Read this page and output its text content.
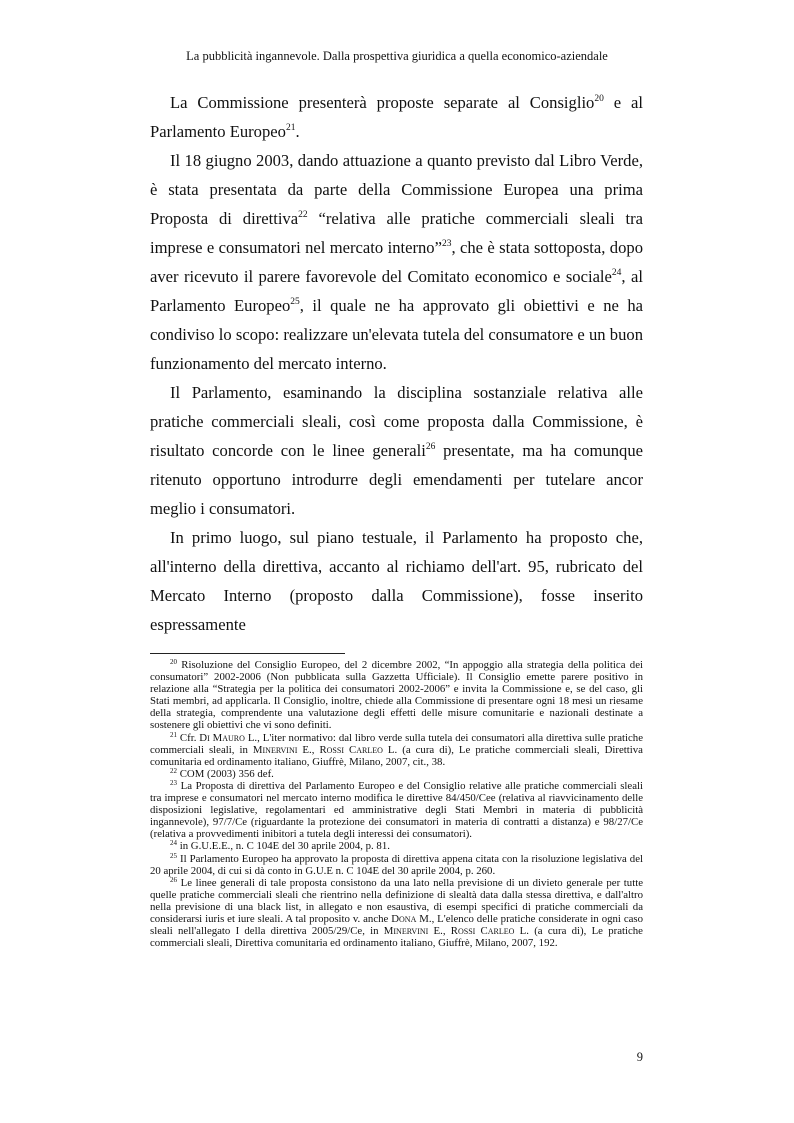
La pubblicità ingannevole. Dalla prospettiva giuridica a quella economico-aziendale

La Commissione presenterà proposte separate al Consiglio$^{20}$ e al Parlamento Europeo$^{21}$.

Il 18 giugno 2003, dando attuazione a quanto previsto dal Libro Verde, è stata presentata da parte della Commissione Europea una prima Proposta di direttiva$^{22}$ “relativa alle pratiche commerciali sleali tra imprese e consumatori nel mercato interno”$^{23}$, che è stata sottoposta, dopo aver ricevuto il parere favorevole del Comitato economico e sociale$^{24}$, al Parlamento Europeo$^{25}$, il quale ne ha approvato gli obiettivi e ne ha condiviso lo scopo: realizzare un'elevata tutela del consumatore e un buon funzionamento del mercato interno.

Il Parlamento, esaminando la disciplina sostanziale relativa alle pratiche commerciali sleali, così come proposta dalla Commissione, è risultato concorde con le linee generali$^{26}$ presentate, ma ha comunque ritenuto opportuno introdurre degli emendamenti per tutelare ancor meglio i consumatori.

In primo luogo, sul piano testuale, il Parlamento ha proposto che, all'interno della direttiva, accanto al richiamo dell'art. 95, rubricato del Mercato Interno (proposto dalla Commissione), fosse inserito espressamente

$^{20}$ Risoluzione del Consiglio Europeo, del 2 dicembre 2002, “In appoggio alla strategia della politica dei consumatori” 2002-2006 (Non pubblicata sulla Gazzetta Ufficiale). Il Consiglio emette parere positivo in relazione alla “Strategia per la politica dei consumatori 2002-2006” e invita la Commissione e, se del caso, gli Stati membri, ad applicarla. Il Consiglio, inoltre, chiede alla Commissione di presentare ogni 18 mesi un riesame della strategia, comprendente una valutazione degli effetti delle misure comunitarie e nazionali destinate a sostenere gli obiettivi che vi sono definiti.

$^{21}$ Cfr. Di Mauro L., L'iter normativo: dal libro verde sulla tutela dei consumatori alla direttiva sulle pratiche commerciali sleali, in Minervini E., Rossi Carleo L. (a cura di), Le pratiche commerciali sleali, Direttiva comunitaria ed ordinamento italiano, Giuffrè, Milano, 2007, cit., 38.

$^{22}$ COM (2003) 356 def.

$^{23}$ La Proposta di direttiva del Parlamento Europeo e del Consiglio relative alle pratiche commerciali sleali tra imprese e consumatori nel mercato interno modifica le direttive 84/450/Cee (relativa al riavvicinamento delle disposizioni legislative, regolamentari ed amministrative degli Stati Membri in materia di pubblicità ingannevole), 97/7/Ce (riguardante la protezione dei consumatori in materia di contratti a distanza) e 98/27/Ce (relativa a provvedimenti inibitori a tutela degli interessi dei consumatori).

$^{24}$ in G.U.E.E., n. C 104E del 30 aprile 2004, p. 81.

$^{25}$ Il Parlamento Europeo ha approvato la proposta di direttiva appena citata con la risoluzione legislativa del 20 aprile 2004, di cui si dà conto in G.U.E n. C 104E del 30 aprile 2004, p. 260.

$^{26}$ Le linee generali di tale proposta consistono da una lato nella previsione di un divieto generale per tutte quelle pratiche commerciali sleali che rientrino nella definizione di slealtà data dalla stessa direttiva, e dall'altro nella previsione di una black list, in allegato e non esaustiva, di esempi specifici di pratiche commerciali da considerarsi iuris et iure sleali. A tal proposito v. anche Dona M., L'elenco delle pratiche considerate in ogni caso sleali nell'allegato I della direttiva 2005/29/Ce, in Minervini E., Rossi Carleo L. (a cura di), Le pratiche commerciali sleali, Direttiva comunitaria ed ordinamento italiano, Giuffrè, Milano, 2007, 192.

9
